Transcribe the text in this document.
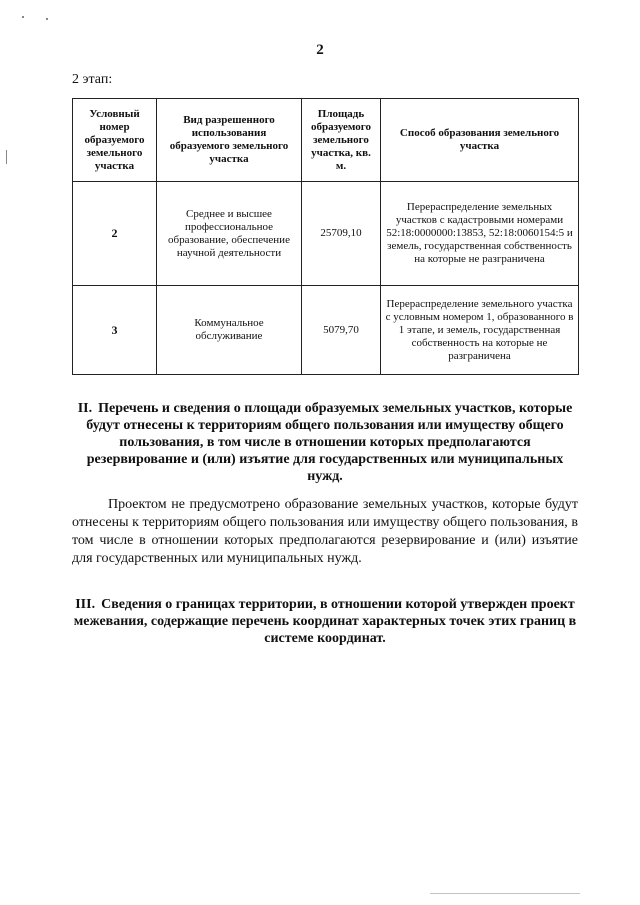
2
2 этап:
Условный номер образуемого земельного участка	Вид разрешенного использования образуемого земельного участка	Площадь образуемого земельного участка, кв. м.	Способ образования земельного участка
2	Среднее и высшее профессиональное образование, обеспечение научной деятельности	25709,10	Перераспределение земельных участков с кадастровыми номерами 52:18:0000000:13853, 52:18:0060154:5 и земель, государственная собственность на которые не разграничена
3	Коммунальное обслуживание	5079,70	Перераспределение земельного участка с условным номером 1, образованного в 1 этапе, и земель, государственная собственность на которые не разграничена
II. Перечень и сведения о площади образуемых земельных участков, которые будут отнесены к территориям общего пользования или имуществу общего пользования, в том числе в отношении которых предполагаются резервирование и (или) изъятие для государственных или муниципальных нужд.
Проектом не предусмотрено образование земельных участков, которые будут отнесены к территориям общего пользования или имуществу общего пользования, в том числе в отношении которых предполагаются резервирование и (или) изъятие для государственных или муниципальных нужд.
III. Сведения о границах территории, в отношении которой утвержден проект межевания, содержащие перечень координат характерных точек этих границ в системе координат.
